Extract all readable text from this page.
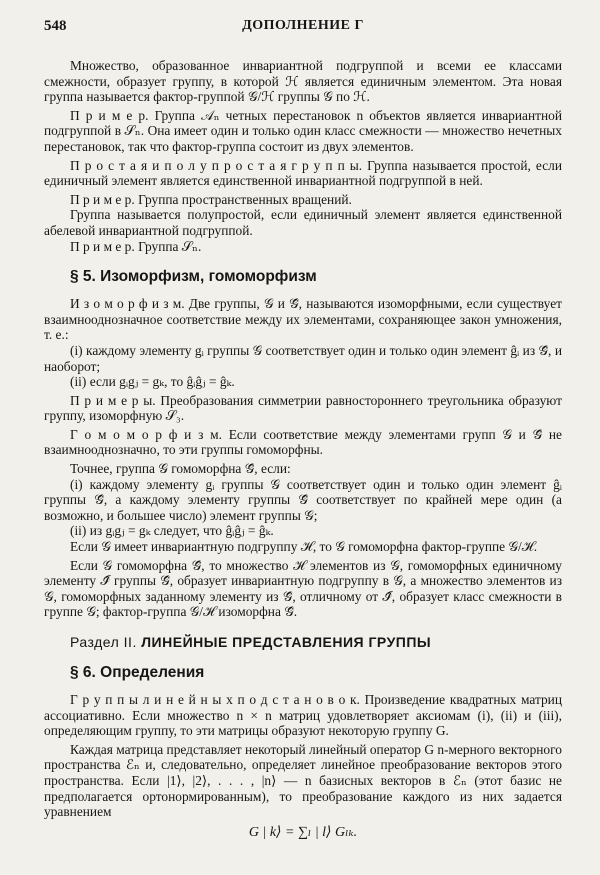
548	ДОПОЛНЕНИЕ Г

Множество, образованное инвариантной подгруппой и всеми ее классами смежности, образует группу, в которой ℋ является единичным элементом. Эта новая группа называется фактор-группой 𝒢/ℋ группы 𝒢 по ℋ.

П р и м е р. Группа 𝒜ₙ четных перестановок n объектов является инвариантной подгруппой в 𝒮ₙ. Она имеет один и только один класс смежности — множество нечетных перестановок, так что фактор-группа состоит из двух элементов.

П р о с т а я и п о л у п р о с т а я г р у п п ы. Группа называется простой, если единичный элемент является единственной инвариантной подгруппой в ней.

П р и м е р. Группа пространственных вращений.

Группа называется полупростой, если единичный элемент является единственной абелевой инвариантной подгруппой.

П р и м е р. Группа 𝒮ₙ.

§ 5. Изоморфизм, гомоморфизм

И з о м о р ф и з м. Две группы, 𝒢 и 𝒢̂, называются изоморфными, если существует взаимнооднозначное соответствие между их элементами, сохраняющее закон умножения, т. е.:

(i) каждому элементу gᵢ группы 𝒢 соответствует один и только один элемент ĝᵢ из 𝒢̂, и наоборот;

(ii) если gᵢgⱼ = gₖ, то ĝᵢĝⱼ = ĝₖ.

П р и м е р ы. Преобразования симметрии равностороннего треугольника образуют группу, изоморфную 𝒮₃.

Г о м о м о р ф и з м. Если соответствие между элементами групп 𝒢 и 𝒢̂ не взаимнооднозначно, то эти группы гомоморфны.

Точнее, группа 𝒢 гомоморфна 𝒢̂, если:

(i) каждому элементу gᵢ группы 𝒢 соответствует один и только один элемент ĝᵢ группы 𝒢̂, а каждому элементу группы 𝒢̂ соответствует по крайней мере один (а возможно, и большее число) элемент группы 𝒢;

(ii) из gᵢgⱼ = gₖ следует, что ĝᵢĝⱼ = ĝₖ.

Если 𝒢 имеет инвариантную подгруппу ℋ, то 𝒢 гомоморфна фактор-группе 𝒢/ℋ.

Если 𝒢 гомоморфна 𝒢̂, то множество ℋ элементов из 𝒢, гомоморфных единичному элементу ℐ̂ группы 𝒢̂, образует инвариантную подгруппу в 𝒢, а множество элементов из 𝒢, гомоморфных заданному элементу из 𝒢̂, отличному от ℐ̂, образует класс смежности в группе 𝒢; фактор-группа 𝒢/ℋ изоморфна 𝒢̂.

Раздел II. ЛИНЕЙНЫЕ ПРЕДСТАВЛЕНИЯ ГРУППЫ
§ 6. Определения

Г р у п п ы л и н е й н ы х п о д с т а н о в о к. Произведение квадратных матриц ассоциативно. Если множество n × n матриц удовлетворяет аксиомам (i), (ii) и (iii), определяющим группу, то эти матрицы образуют некоторую группу G.

Каждая матрица представляет некоторый линейный оператор G n-мерного векторного пространства ℰₙ и, следовательно, определяет линейное преобразование векторов этого пространства. Если |1⟩, |2⟩, . . . , |n⟩ — n базисных векторов в ℰₙ (этот базис не предполагается ортонормированным), то преобразование каждого из них задается уравнением

G | k⟩ = ∑ₗ | l⟩ Gₗₖ.
